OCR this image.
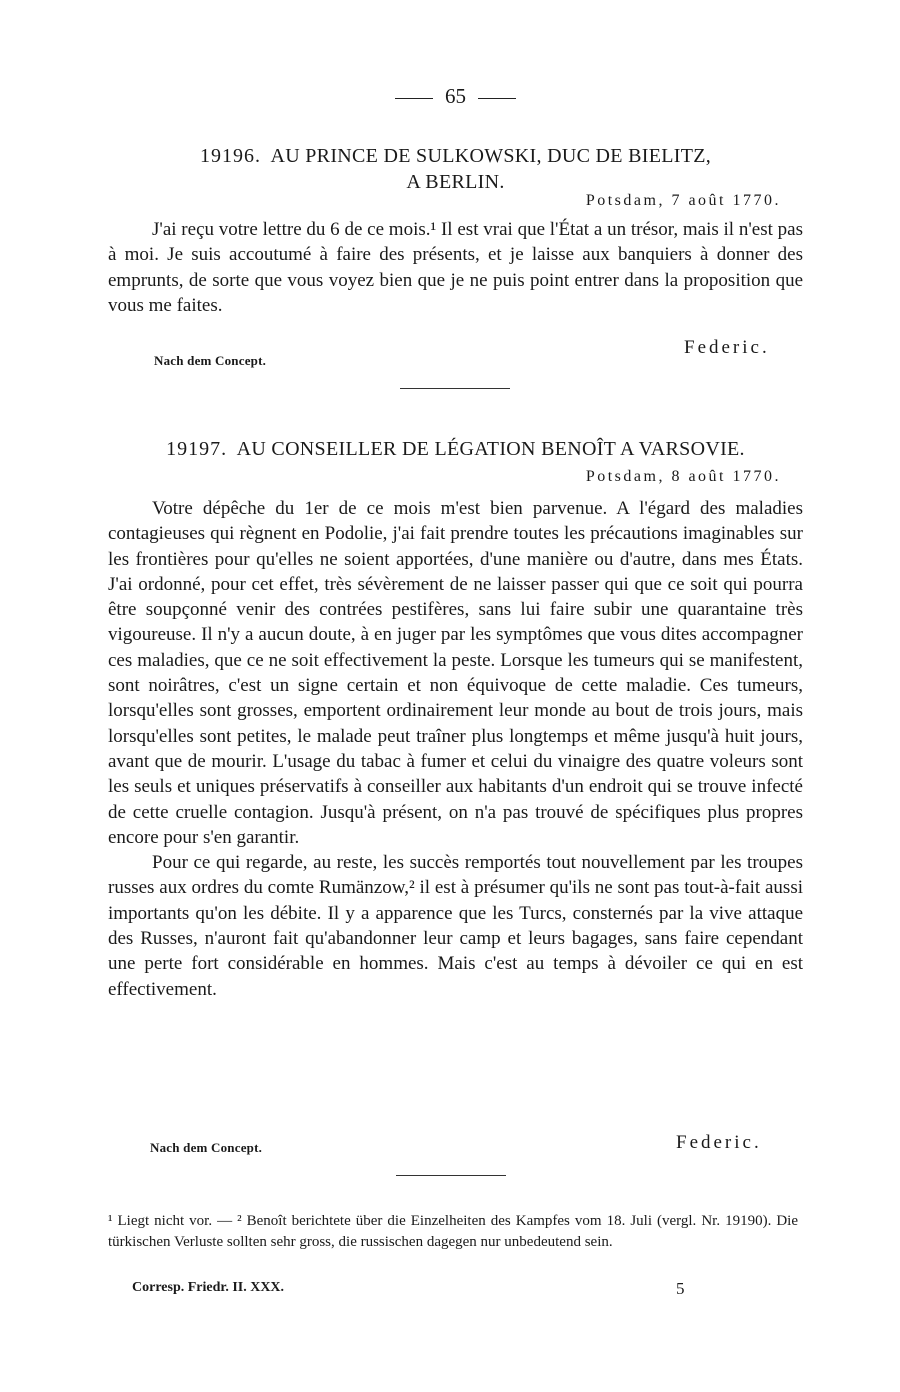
65
19196. AU PRINCE DE SULKOWSKI, DUC DE BIELITZ,
A BERLIN.
Potsdam, 7 août 1770.

J'ai reçu votre lettre du 6 de ce mois.¹ Il est vrai que l'État a un trésor, mais il n'est pas à moi. Je suis accoutumé à faire des présents, et je laisse aux banquiers à donner des emprunts, de sorte que vous voyez bien que je ne puis point entrer dans la proposition que vous me faites.

Nach dem Concept.
Federic.
19197. AU CONSEILLER DE LÉGATION BENOÎT A VARSOVIE.
Potsdam, 8 août 1770.

Votre dépêche du 1er de ce mois m'est bien parvenue. A l'égard des maladies contagieuses qui règnent en Podolie, j'ai fait prendre toutes les précautions imaginables sur les frontières pour qu'elles ne soient apportées, d'une manière ou d'autre, dans mes États. J'ai ordonné, pour cet effet, très sévèrement de ne laisser passer qui que ce soit qui pourra être soupçonné venir des contrées pestifères, sans lui faire subir une quarantaine très vigoureuse. Il n'y a aucun doute, à en juger par les symptômes que vous dites accompagner ces maladies, que ce ne soit effectivement la peste. Lorsque les tumeurs qui se manifestent, sont noirâtres, c'est un signe certain et non équivoque de cette maladie. Ces tumeurs, lorsqu'elles sont grosses, emportent ordinairement leur monde au bout de trois jours, mais lorsqu'elles sont petites, le malade peut traîner plus longtemps et même jusqu'à huit jours, avant que de mourir. L'usage du tabac à fumer et celui du vinaigre des quatre voleurs sont les seuls et uniques préservatifs à conseiller aux habitants d'un endroit qui se trouve infecté de cette cruelle contagion. Jusqu'à présent, on n'a pas trouvé de spécifiques plus propres encore pour s'en garantir.

Pour ce qui regarde, au reste, les succès remportés tout nouvellement par les troupes russes aux ordres du comte Rumänzow,² il est à présumer qu'ils ne sont pas tout-à-fait aussi importants qu'on les débite. Il y a apparence que les Turcs, consternés par la vive attaque des Russes, n'auront fait qu'abandonner leur camp et leurs bagages, sans faire cependant une perte fort considérable en hommes. Mais c'est au temps à dévoiler ce qui en est effectivement.

Nach dem Concept.	Federic.

¹ Liegt nicht vor. — ² Benoît berichtete über die Einzelheiten des Kampfes vom 18. Juli (vergl. Nr. 19190). Die türkischen Verluste sollten sehr gross, die russischen dagegen nur unbedeutend sein.

Corresp. Friedr. II. XXX.	5
